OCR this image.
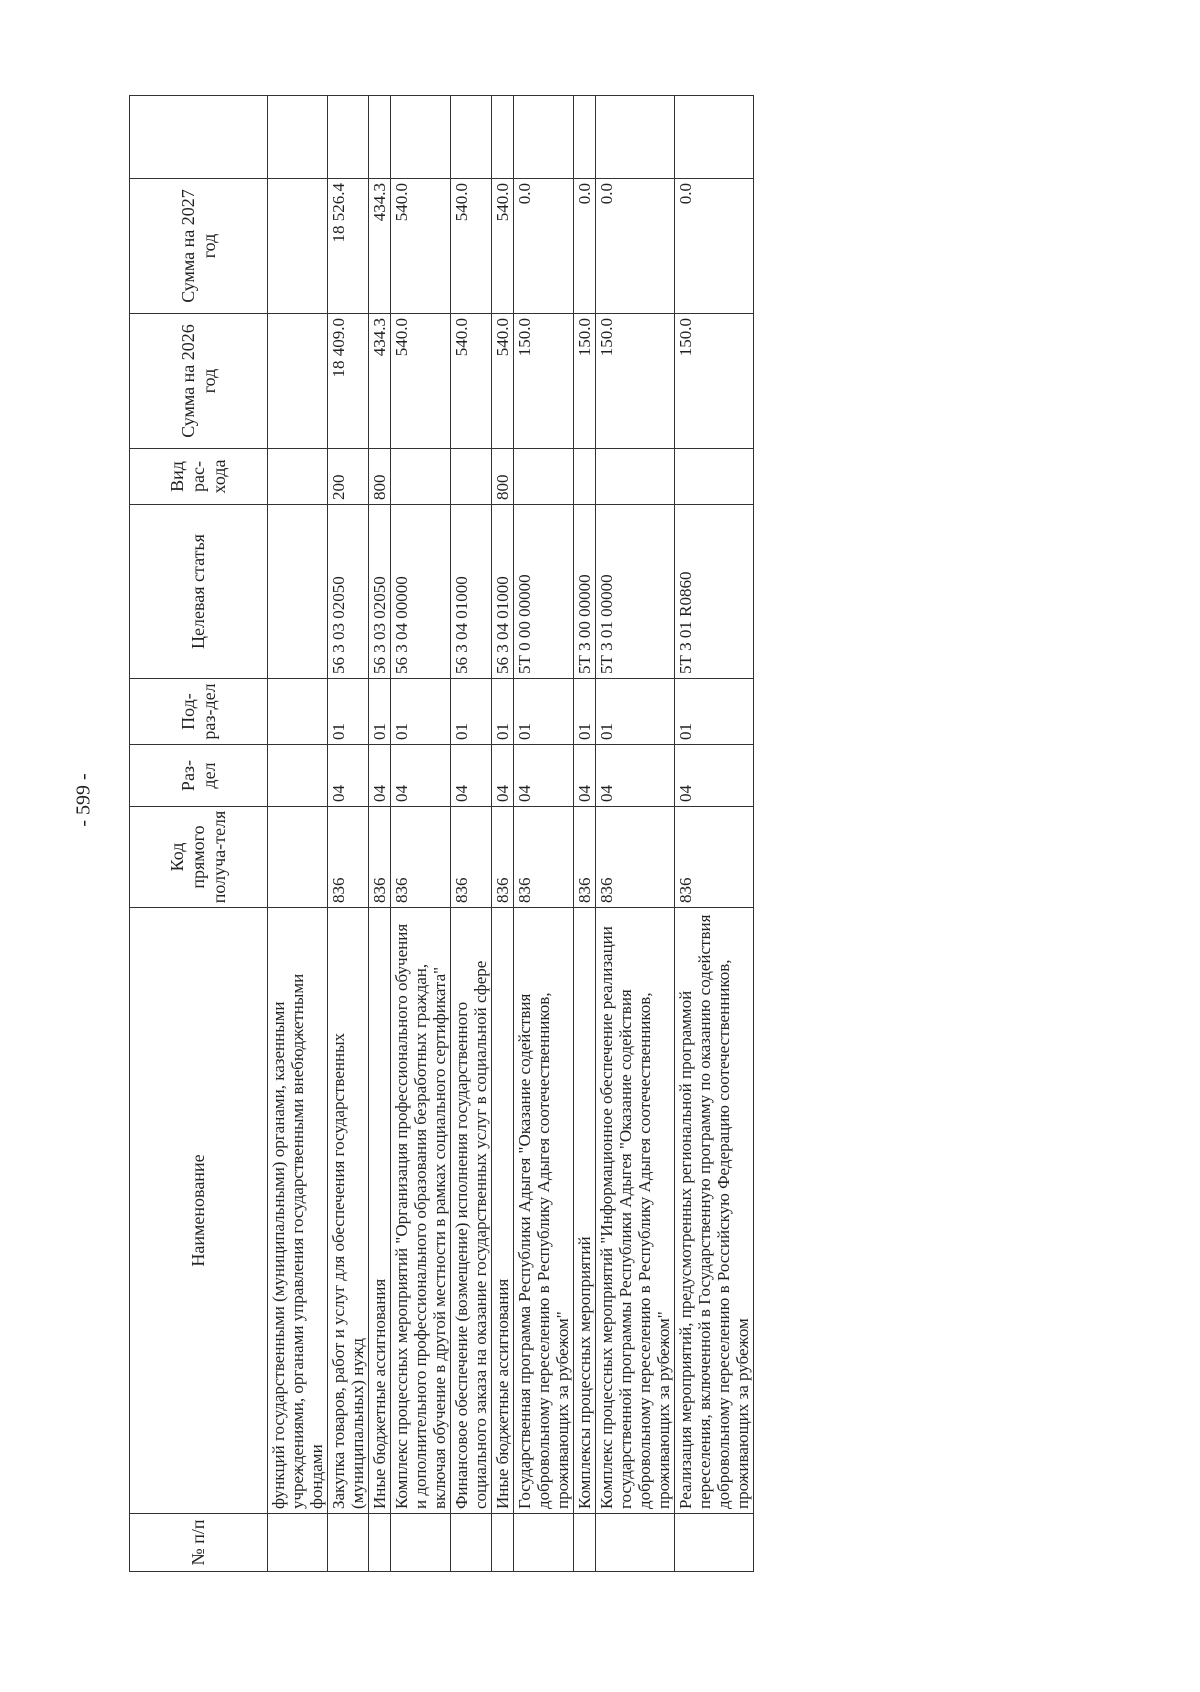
- 599 -
№ п/п	Наименование	Код прямого получа-теля	Раз-дел	Под-раз-дел	Целевая статья	Вид рас-хода	Сумма на 2026 год	Сумма на 2027 год	
	функций государственными (муниципальными) органами, казенными учреждениями, органами управления государственными внебюджетными фондами								
	Закупка товаров, работ и услуг для обеспечения государственных (муниципальных) нужд	836	04	01	56 3 03 02050	200	18 409.0	18 526.4	
	Иные бюджетные ассигнования	836	04	01	56 3 03 02050	800	434.3	434.3	
	Комплекс процессных мероприятий "Организация профессионального обучения и дополнительного профессионального образования безработных граждан, включая обучение в другой местности в рамках социального сертификата"	836	04	01	56 3 04 00000		540.0	540.0	
	Финансовое обеспечение (возмещение) исполнения государственного социального заказа на оказание государственных услуг в социальной сфере	836	04	01	56 3 04 01000		540.0	540.0	
	Иные бюджетные ассигнования	836	04	01	56 3 04 01000	800	540.0	540.0	
	Государственная программа Республики Адыгея "Оказание содействия добровольному переселению в Республику Адыгея соотечественников, проживающих за рубежом"	836	04	01	5Т 0 00 00000		150.0	0.0	
	Комплексы процессных мероприятий	836	04	01	5Т 3 00 00000		150.0	0.0	
	Комплекс процессных мероприятий "Информационное обеспечение реализации государственной программы Республики Адыгея "Оказание содействия добровольному переселению в Республику Адыгея соотечественников, проживающих за рубежом"	836	04	01	5Т 3 01 00000		150.0	0.0	
	Реализация мероприятий, предусмотренных региональной программой переселения, включенной в Государственную программу по оказанию содействия добровольному переселению в Российскую Федерацию соотечественников, проживающих за рубежом	836	04	01	5Т 3 01 R0860		150.0	0.0	
